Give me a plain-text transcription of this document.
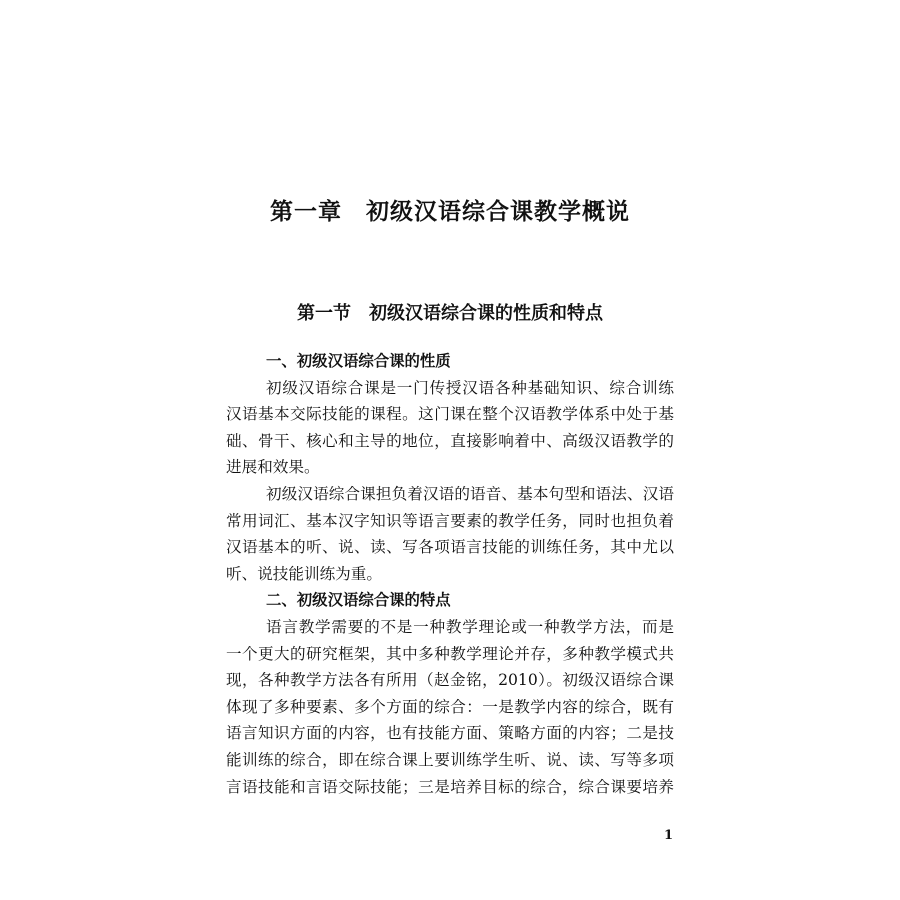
第一章　初级汉语综合课教学概说
第一节　初级汉语综合课的性质和特点
一、初级汉语综合课的性质
初级汉语综合课是一门传授汉语各种基础知识、综合训练
汉语基本交际技能的课程。这门课在整个汉语教学体系中处于基
础、骨干、核心和主导的地位，直接影响着中、高级汉语教学的
进展和效果。
初级汉语综合课担负着汉语的语音、基本句型和语法、汉语
常用词汇、基本汉字知识等语言要素的教学任务，同时也担负着
汉语基本的听、说、读、写各项语言技能的训练任务，其中尤以
听、说技能训练为重。
二、初级汉语综合课的特点
语言教学需要的不是一种教学理论或一种教学方法，而是
一个更大的研究框架，其中多种教学理论并存，多种教学模式共
现，各种教学方法各有所用（赵金铭，2010）。初级汉语综合课
体现了多种要素、多个方面的综合：一是教学内容的综合，既有
语言知识方面的内容，也有技能方面、策略方面的内容；二是技
能训练的综合，即在综合课上要训练学生听、说、读、写等多项
言语技能和言语交际技能；三是培养目标的综合，综合课要培养
1
